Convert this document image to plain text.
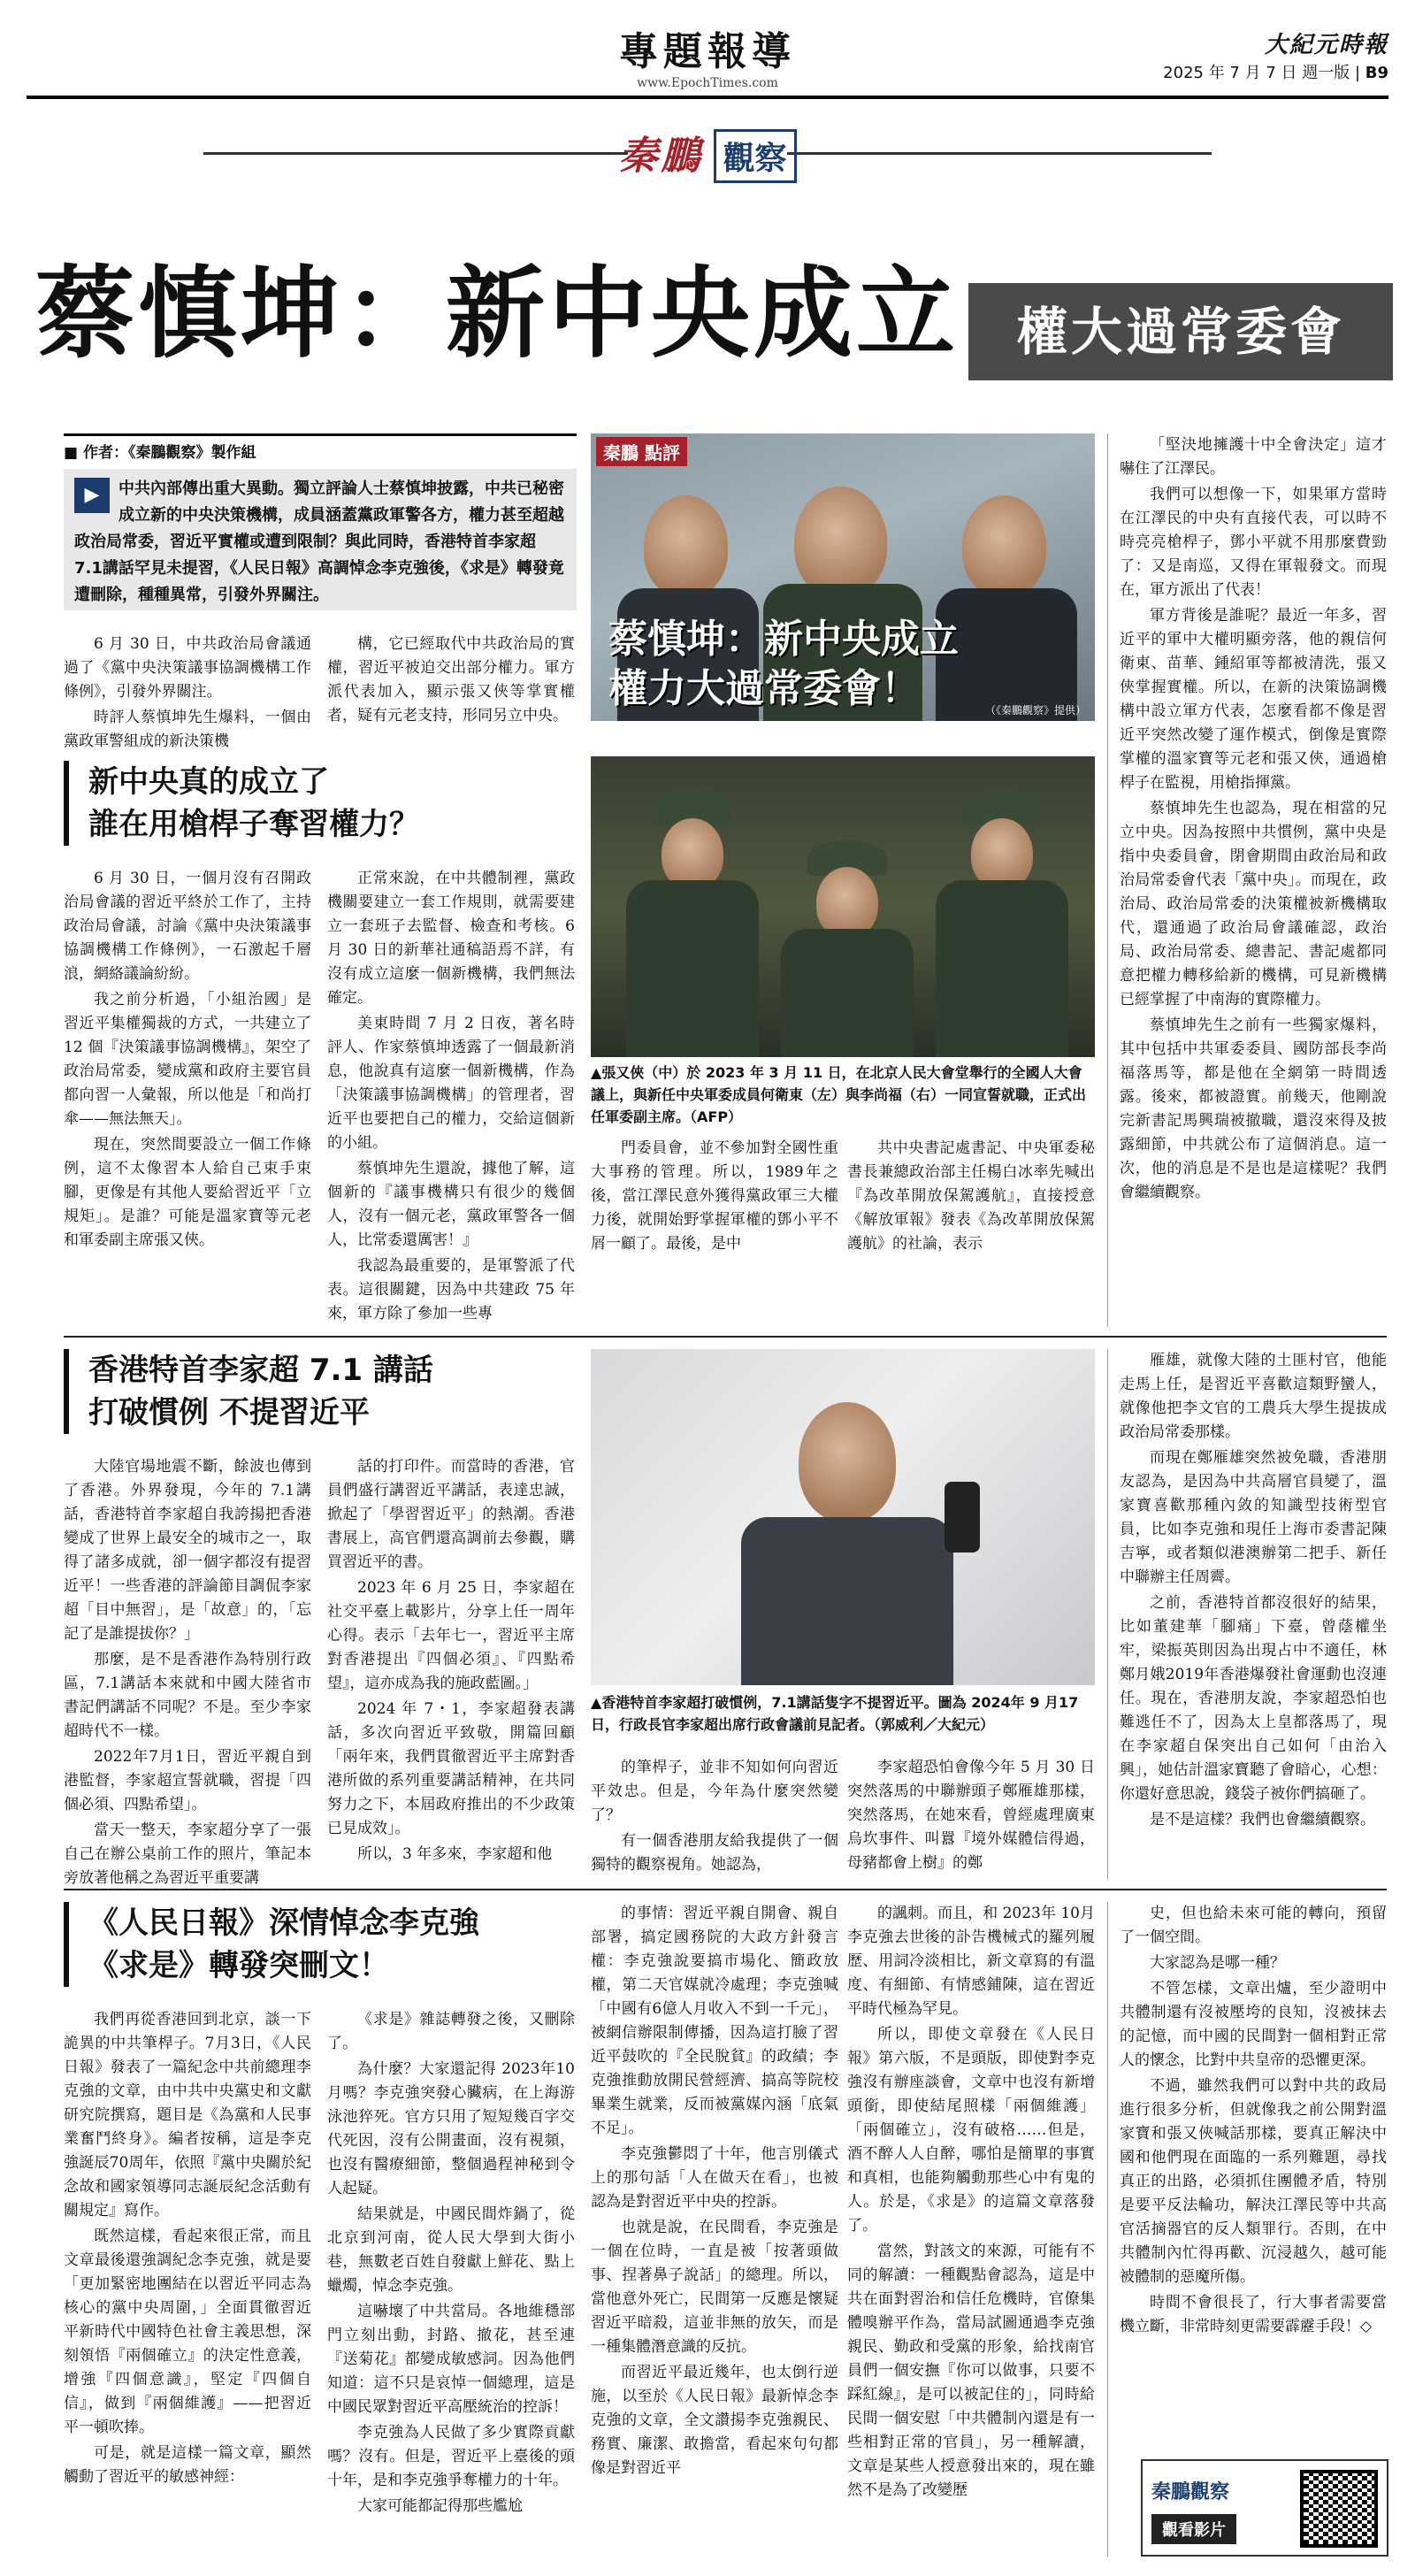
專題報導
www.EpochTimes.com
大紀元時報
2025 年 7 月 7 日 週一版 | B9
秦鵬 觀察
蔡慎坤：新中央成立	權大過常委會
■ 作者：《秦鵬觀察》製作組
▶	中共內部傳出重大異動。獨立評論人士蔡慎坤披露，中共已秘密成立新的中央決策機構，成員涵蓋黨政軍警各方，權力甚至超越政治局常委，習近平實權或遭到限制？與此同時，香港特首李家超 7.1講話罕見未提習，《人民日報》高調悼念李克強後，《求是》轉發竟遭刪除，種種異常，引發外界關注。

6 月 30 日，中共政治局會議通過了《黨中央決策議事協調機構工作條例》，引發外界關注。

時評人蔡慎坤先生爆料，一個由黨政軍警組成的新決策機

構，它已經取代中共政治局的實權，習近平被迫交出部分權力。軍方派代表加入，顯示張又俠等掌實權者，疑有元老支持，形同另立中央。

秦鵬 點評
蔡慎坤：新中央成立
權力大過常委會！	（《秦鵬觀察》提供）

「堅決地擁護十中全會決定」這才嚇住了江澤民。

我們可以想像一下，如果軍方當時在江澤民的中央有直接代表，可以時不時亮亮槍桿子，鄧小平就不用那麼費勁了：又是南巡，又得在軍報發文。而現在，軍方派出了代表！

軍方背後是誰呢？最近一年多，習近平的軍中大權明顯旁落，他的親信何衛東、苗華、鍾紹軍等都被清洗，張又俠掌握實權。所以，在新的決策協調機構中設立軍方代表，怎麼看都不像是習近平突然改變了運作模式，倒像是實際掌權的溫家寶等元老和張又俠，通過槍桿子在監視，用槍指揮黨。

蔡慎坤先生也認為，現在相當的兄立中央。因為按照中共慣例，黨中央是指中央委員會，閉會期間由政治局和政治局常委會代表「黨中央」。而現在，政治局、政治局常委的決策權被新機構取代，還通過了政治局會議確認，政治局、政治局常委、總書記、書記處都同意把權力轉移給新的機構，可見新機構已經掌握了中南海的實際權力。

蔡慎坤先生之前有一些獨家爆料，其中包括中共軍委委員、國防部長李尚福落馬等，都是他在全網第一時間透露。後來，都被證實。前幾天，他剛說完新書記馬興瑞被撤職，還沒來得及披露細節，中共就公布了這個消息。這一次，他的消息是不是也是這樣呢？我們會繼續觀察。

新中央真的成立了
誰在用槍桿子奪習權力？

6 月 30 日，一個月沒有召開政治局會議的習近平終於工作了，主持政治局會議，討論《黨中央決策議事協調機構工作條例》，一石激起千層浪，網絡議論紛紛。

我之前分析過，「小組治國」是習近平集權獨裁的方式，一共建立了 12 個『決策議事協調機構』，架空了政治局常委，變成黨和政府主要官員都向習一人彙報，所以他是「和尚打傘——無法無天」。

現在，突然間要設立一個工作條例，這不太像習本人給自己束手束腳，更像是有其他人要給習近平「立規矩」。是誰？可能是溫家寶等元老和軍委副主席張又俠。

正常來說，在中共體制裡，黨政機關要建立一套工作規則，就需要建立一套班子去監督、檢查和考核。6 月 30 日的新華社通稿語焉不詳，有沒有成立這麼一個新機構，我們無法確定。

美東時間 7 月 2 日夜，著名時評人、作家蔡慎坤透露了一個最新消息，他說真有這麼一個新機構，作為「決策議事協調機構」的管理者，習近平也要把自己的權力，交給這個新的小組。

蔡慎坤先生還說，據他了解，這個新的『議事機構只有很少的幾個人，沒有一個元老，黨政軍警各一個人，比常委還厲害！』

我認為最重要的，是軍警派了代表。這很關鍵，因為中共建政 75 年來，軍方除了參加一些專

▲張又俠（中）於 2023 年 3 月 11 日，在北京人民大會堂舉行的全國人大會議上，與新任中央軍委成員何衛東（左）與李尚福（右）一同宣誓就職，正式出任軍委副主席。（AFP）

門委員會，並不參加對全國性重大事務的管理。所以，1989年之後，當江澤民意外獲得黨政軍三大權力後，就開始野掌握軍權的鄧小平不屑一顧了。最後，是中

共中央書記處書記、中央軍委秘書長兼總政治部主任楊白冰率先喊出『為改革開放保駕護航』，直接授意《解放軍報》發表《為改革開放保駕護航》的社論，表示

香港特首李家超 7.1 講話
打破慣例 不提習近平

大陸官場地震不斷，餘波也傳到了香港。外界發現，今年的 7.1講話，香港特首李家超自我誇揚把香港變成了世界上最安全的城市之一，取得了諸多成就，卻一個字都沒有提習近平！一些香港的評論節目調侃李家超「目中無習」，是「故意」的，「忘記了是誰提拔你？」

那麼，是不是香港作為特別行政區，7.1講話本來就和中國大陸省市書記們講話不同呢？不是。至少李家超時代不一樣。

2022年7月1日，習近平親自到港監督，李家超宣誓就職，習提「四個必須、四點希望」。

當天一整天，李家超分享了一張自己在辦公桌前工作的照片，筆記本旁放著他稱之為習近平重要講

話的打印件。而當時的香港，官員們盛行講習近平講話，表達忠誠，掀起了「學習習近平」的熱潮。香港書展上，高官們還高調前去參觀，購買習近平的書。

2023 年 6 月 25 日，李家超在社交平臺上載影片，分享上任一周年心得。表示「去年七一，習近平主席對香港提出『四個必須』、『四點希望』，這亦成為我的施政藍圖。」

2024 年 7・1，李家超發表講話，多次向習近平致敬，開篇回顧「兩年來，我們貫徹習近平主席對香港所做的系列重要講話精神，在共同努力之下，本屆政府推出的不少政策已見成效」。

所以，3 年多來，李家超和他

▲香港特首李家超打破慣例，7.1講話隻字不提習近平。圖為 2024年 9 月17日，行政長官李家超出席行政會議前見記者。（郭威利／大紀元）

的筆桿子，並非不知如何向習近平效忠。但是，今年為什麼突然變了？

有一個香港朋友給我提供了一個獨特的觀察視角。她認為，

李家超恐怕會像今年 5 月 30 日突然落馬的中聯辦頭子鄭雁雄那樣，突然落馬，在她來看，曾經處理廣東烏坎事件、叫囂『境外媒體信得過，母豬都會上樹』的鄭

雁雄，就像大陸的土匪村官，他能走馬上任，是習近平喜歡這類野蠻人，就像他把李文官的工農兵大學生提拔成政治局常委那樣。

而現在鄭雁雄突然被免職，香港朋友認為，是因為中共高層官員變了，溫家寶喜歡那種內敛的知識型技術型官員，比如李克強和現任上海市委書記陳吉寧，或者類似港澳辦第二把手、新任中聯辦主任周霽。

之前，香港特首都沒很好的結果，比如董建華「腳痛」下臺，曾蔭權坐牢，梁振英則因為出現占中不適任，林鄭月娥2019年香港爆發社會運動也沒連任。現在，香港朋友說，李家超恐怕也難逃任不了，因為太上皇都落馬了，現在李家超自保突出自己如何「由治入興」，她估計溫家寶聽了會暗心，心想：你還好意思說，錢袋子被你們搞砸了。

是不是這樣？我們也會繼續觀察。

《人民日報》深情悼念李克強
《求是》轉發突刪文！

我們再從香港回到北京，談一下詭異的中共筆桿子。7月3日，《人民日報》發表了一篇紀念中共前總理李克強的文章，由中共中央黨史和文獻研究院撰寫，題目是《為黨和人民事業奮鬥終身》。編者按稱，這是李克強誕辰70周年，依照『黨中央關於紀念故和國家領導同志誕辰紀念活動有關規定』寫作。

既然這樣，看起來很正常，而且文章最後還強調紀念李克強，就是要「更加緊密地團結在以習近平同志為核心的黨中央周圍，」全面貫徹習近平新時代中國特色社會主義思想，深刻領悟『兩個確立』的決定性意義，增強『四個意識』，堅定『四個自信』，做到『兩個維護』——把習近平一頓吹捧。

可是，就是這樣一篇文章，顯然觸動了習近平的敏感神經：

《求是》雜誌轉發之後，又刪除了。

為什麼？大家還記得 2023年10月嗎？李克強突發心臟病，在上海游泳池猝死。官方只用了短短幾百字交代死因，沒有公開畫面，沒有視頻，也沒有醫療細節，整個過程神秘到令人起疑。

結果就是，中國民間炸鍋了，從北京到河南，從人民大學到大街小巷，無數老百姓自發獻上鮮花、點上蠟燭，悼念李克強。

這嚇壞了中共當局。各地維穩部門立刻出動，封路、撤花，甚至連『送菊花』都變成敏感詞。因為他們知道：這不只是哀悼一個總理，這是中國民眾對習近平高壓統治的控訴！

李克強為人民做了多少實際貢獻嗎？沒有。但是，習近平上臺後的頭十年，是和李克強爭奪權力的十年。

大家可能都記得那些尷尬

的事情：習近平親自開會、親自部署，搞定國務院的大政方針發言權：李克強說要搞市場化、簡政放權，第二天官媒就冷處理；李克強喊「中國有6億人月收入不到一千元」，被網信辦限制傳播，因為這打臉了習近平鼓吹的『全民脫貧』的政績；李克強推動放開民營經濟、搞高等院校畢業生就業，反而被黨媒內涵「底氣不足」。

李克強鬱悶了十年，他言別儀式上的那句話「人在做天在看」，也被認為是對習近平中央的控訴。

也就是說，在民間看，李克強是一個在位時，一直是被「按著頭做事、捏著鼻子說話」的總理。所以，當他意外死亡，民間第一反應是懷疑習近平暗殺，這並非無的放矢，而是一種集體潛意識的反抗。

而習近平最近幾年，也太倒行逆施，以至於《人民日報》最新悼念李克強的文章，全文讚揚李克強親民、務實、廉潔、敢擔當，看起來句句都像是對習近平

的諷刺。而且，和 2023年 10月李克強去世後的訃告機械式的羅列履歷、用詞冷淡相比，新文章寫的有溫度、有細節、有情感鋪陳，這在習近平時代極為罕見。

所以，即使文章發在《人民日報》第六版，不是頭版，即使對李克強沒有辦座談會，文章中也沒有新增頭銜，即使結尾照樣「兩個維護」「兩個確立」，沒有破格……但是，酒不醉人人自醉，哪怕是簡單的事實和真相，也能夠觸動那些心中有鬼的人。於是，《求是》的這篇文章落發了。

當然，對該文的來源，可能有不同的解讀：一種觀點會認為，這是中共在面對習治和信任危機時，官僚集體嗅辦平作為，當局試圖通過李克強親民、勤政和受黨的形象，給找南官員們一個安撫『你可以做事，只要不踩紅線』，是可以被記住的」，同時給民間一個安慰「中共體制內還是有一些相對正常的官員」，另一種解讀，文章是某些人授意發出來的，現在雖然不是為了改變歷

史，但也給未來可能的轉向，預留了一個空間。

大家認為是哪一種？

不管怎樣，文章出爐，至少證明中共體制還有沒被壓垮的良知，沒被抹去的記憶，而中國的民間對一個相對正常人的懷念，比對中共皇帝的恐懼更深。

不過，雖然我們可以對中共的政局進行很多分析，但就像我之前公開對溫家寶和張又俠喊話那樣，要真正解決中國和他們現在面臨的一系列難題，尋找真正的出路，必須抓住團體矛盾，特別是要平反法輪功，解決江澤民等中共高官活摘器官的反人類罪行。否則，在中共體制內忙得再歡、沉浸越久，越可能被體制的惡魔所傷。

時間不會很長了，行大事者需要當機立斷，非常時刻更需要霹靂手段！◇

秦鵬觀察
觀看影片
